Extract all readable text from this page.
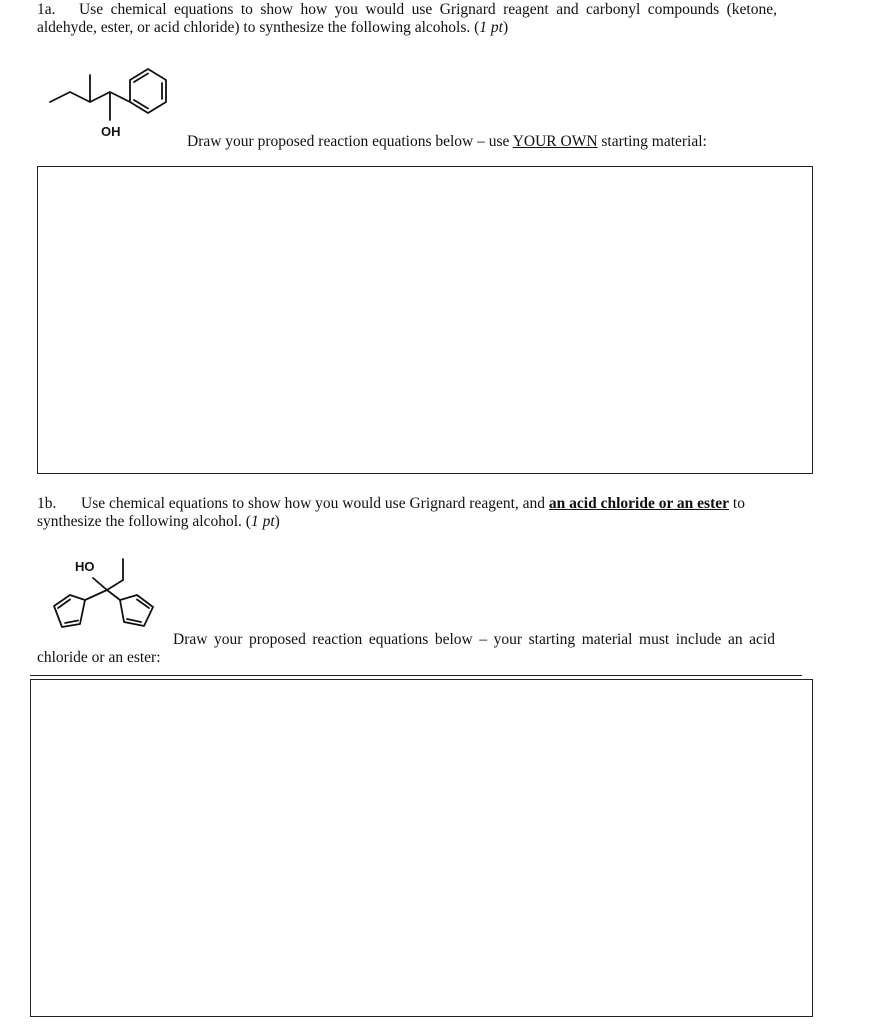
1a. Use chemical equations to show how you would use Grignard reagent and carbonyl compounds (ketone, aldehyde, ester, or acid chloride) to synthesize the following alcohols. (1 pt)
OH
Draw your proposed reaction equations below – use YOUR OWN starting material:
1b. Use chemical equations to show how you would use Grignard reagent, and an acid chloride or an ester to synthesize the following alcohol. (1 pt)
HO
Draw your proposed reaction equations below – your starting material must include an acid chloride or an ester:
